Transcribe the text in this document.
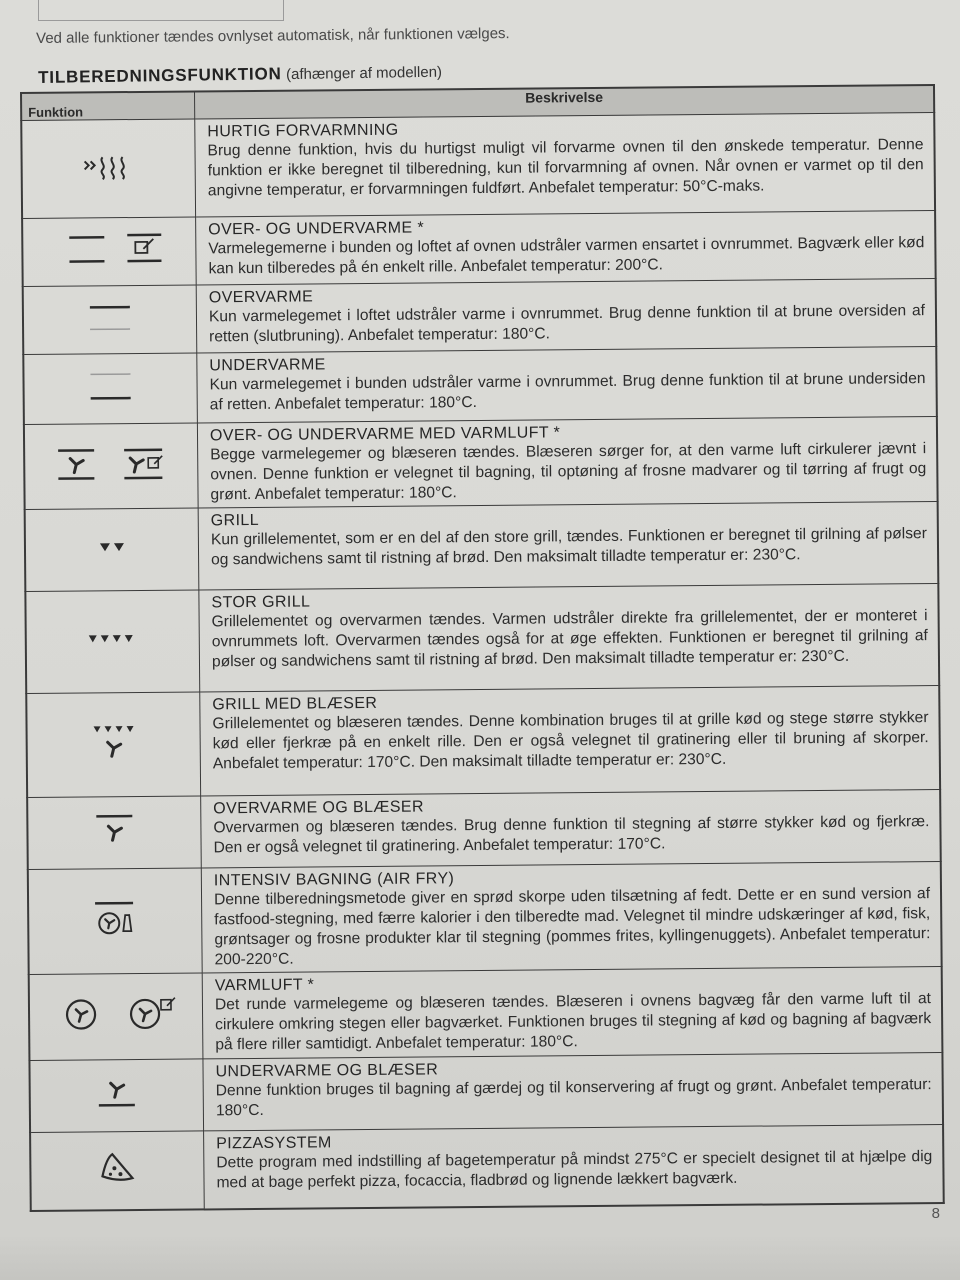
Ved alle funktioner tændes ovnlyset automatisk, når funktionen vælges.
TILBEREDNINGSFUNKTION (afhænger af modellen)
Funktion	Beskrivelse

HURTIG FORVARMNING
Brug denne funktion, hvis du hurtigst muligt vil forvarme ovnen til den ønskede temperatur. Denne funktion er ikke beregnet til tilberedning, kun til forvarmning af ovnen. Når ovnen er varmet op til den angivne temperatur, er forvarmningen fuldført. Anbefalet temperatur: 50°C-maks.

OVER- OG UNDERVARME *
Varmelegemerne i bunden og loftet af ovnen udstråler varmen ensartet i ovnrummet. Bagværk eller kød kan kun tilberedes på én enkelt rille. Anbefalet temperatur: 200°C.

OVERVARME
Kun varmelegemet i loftet udstråler varme i ovnrummet. Brug denne funktion til at brune oversiden af retten (slutbruning). Anbefalet temperatur: 180°C.

UNDERVARME
Kun varmelegemet i bunden udstråler varme i ovnrummet. Brug denne funktion til at brune undersiden af retten. Anbefalet temperatur: 180°C.

OVER- OG UNDERVARME MED VARMLUFT *
Begge varmelegemer og blæseren tændes. Blæseren sørger for, at den varme luft cirkulerer jævnt i ovnen. Denne funktion er velegnet til bagning, til optøning af frosne madvarer og til tørring af frugt og grønt. Anbefalet temperatur: 180°C.

GRILL
Kun grillelementet, som er en del af den store grill, tændes. Funktionen er beregnet til grilning af pølser og sandwichens samt til ristning af brød. Den maksimalt tilladte temperatur er: 230°C.

STOR GRILL
Grillelementet og overvarmen tændes. Varmen udstråler direkte fra grillelementet, der er monteret i ovnrummets loft. Overvarmen tændes også for at øge effekten. Funktionen er beregnet til grilning af pølser og sandwichens samt til ristning af brød. Den maksimalt tilladte temperatur er: 230°C.

GRILL MED BLÆSER
Grillelementet og blæseren tændes. Denne kombination bruges til at grille kød og stege større stykker kød eller fjerkræ på en enkelt rille. Den er også velegnet til gratinering eller til bruning af skorper. Anbefalet temperatur: 170°C. Den maksimalt tilladte temperatur er: 230°C.

OVERVARME OG BLÆSER
Overvarmen og blæseren tændes. Brug denne funktion til stegning af større stykker kød og fjerkræ. Den er også velegnet til gratinering. Anbefalet temperatur: 170°C.

INTENSIV BAGNING (AIR FRY)
Denne tilberedningsmetode giver en sprød skorpe uden tilsætning af fedt. Dette er en sund version af fastfood-stegning, med færre kalorier i den tilberedte mad. Velegnet til mindre udskæringer af kød, fisk, grøntsager og frosne produkter klar til stegning (pommes frites, kyllingenuggets). Anbefalet temperatur: 200-220°C.

VARMLUFT *
Det runde varmelegeme og blæseren tændes. Blæseren i ovnens bagvæg får den varme luft til at cirkulere omkring stegen eller bagværket. Funktionen bruges til stegning af kød og bagning af bagværk på flere riller samtidigt. Anbefalet temperatur: 180°C.

UNDERVARME OG BLÆSER
Denne funktion bruges til bagning af gærdej og til konservering af frugt og grønt. Anbefalet temperatur: 180°C.

PIZZASYSTEM
Dette program med indstilling af bagetemperatur på mindst 275°C er specielt designet til at hjælpe dig med at bage perfekt pizza, focaccia, fladbrød og lignende lækkert bagværk.
8
